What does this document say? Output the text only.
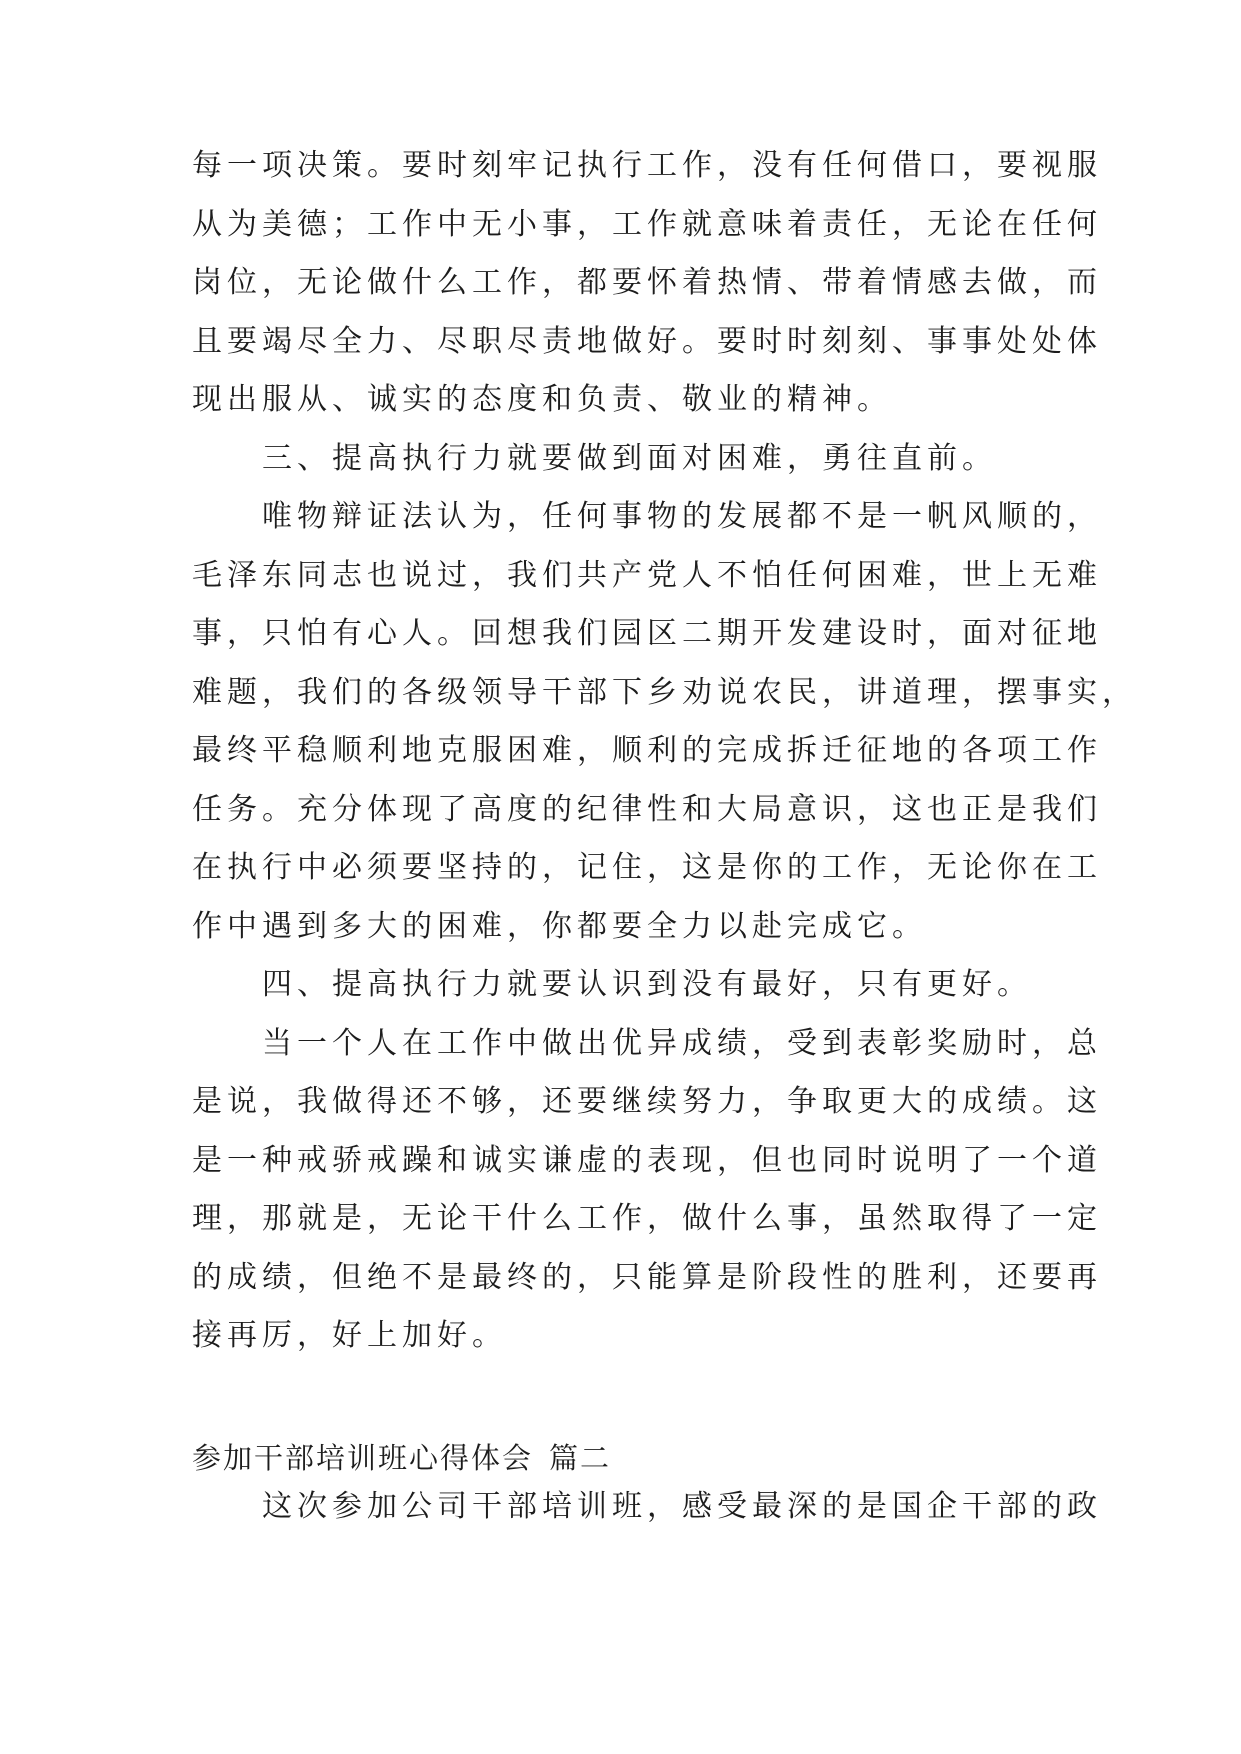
每一项决策。要时刻牢记执行工作，没有任何借口，要视服
从为美德；工作中无小事，工作就意味着责任，无论在任何
岗位，无论做什么工作，都要怀着热情、带着情感去做，而
且要竭尽全力、尽职尽责地做好。要时时刻刻、事事处处体
现出服从、诚实的态度和负责、敬业的精神。
　　三、提高执行力就要做到面对困难，勇往直前。
　　唯物辩证法认为，任何事物的发展都不是一帆风顺的，
毛泽东同志也说过，我们共产党人不怕任何困难，世上无难
事，只怕有心人。回想我们园区二期开发建设时，面对征地
难题，我们的各级领导干部下乡劝说农民，讲道理，摆事实，
最终平稳顺利地克服困难，顺利的完成拆迁征地的各项工作
任务。充分体现了高度的纪律性和大局意识，这也正是我们
在执行中必须要坚持的，记住，这是你的工作，无论你在工
作中遇到多大的困难，你都要全力以赴完成它。
　　四、提高执行力就要认识到没有最好，只有更好。
　　当一个人在工作中做出优异成绩，受到表彰奖励时，总
是说，我做得还不够，还要继续努力，争取更大的成绩。这
是一种戒骄戒躁和诚实谦虚的表现，但也同时说明了一个道
理，那就是，无论干什么工作，做什么事，虽然取得了一定
的成绩，但绝不是最终的，只能算是阶段性的胜利，还要再
接再厉，好上加好。
参加干部培训班心得体会 篇二
　　这次参加公司干部培训班，感受最深的是国企干部的政
